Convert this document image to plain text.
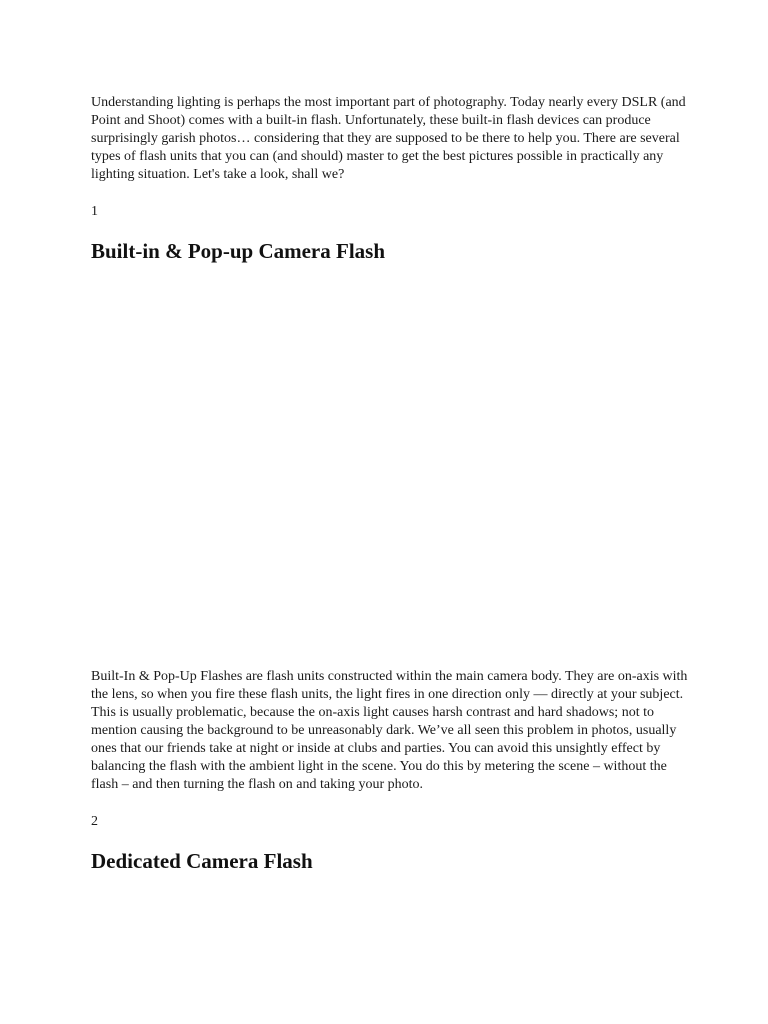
Understanding lighting is perhaps the most important part of photography. Today nearly every DSLR (and Point and Shoot) comes with a built-in flash. Unfortunately, these built-in flash devices can produce surprisingly garish photos… considering that they are supposed to be there to help you. There are several types of flash units that you can (and should) master to get the best pictures possible in practically any lighting situation. Let's take a look, shall we?

1

Built-in & Pop-up Camera Flash

Built-In & Pop-Up Flashes are flash units constructed within the main camera body. They are on-axis with the lens, so when you fire these flash units, the light fires in one direction only — directly at your subject. This is usually problematic, because the on-axis light causes harsh contrast and hard shadows; not to mention causing the background to be unreasonably dark. We’ve all seen this problem in photos, usually ones that our friends take at night or inside at clubs and parties. You can avoid this unsightly effect by balancing the flash with the ambient light in the scene. You do this by metering the scene – without the flash – and then turning the flash on and taking your photo.

2

Dedicated Camera Flash
